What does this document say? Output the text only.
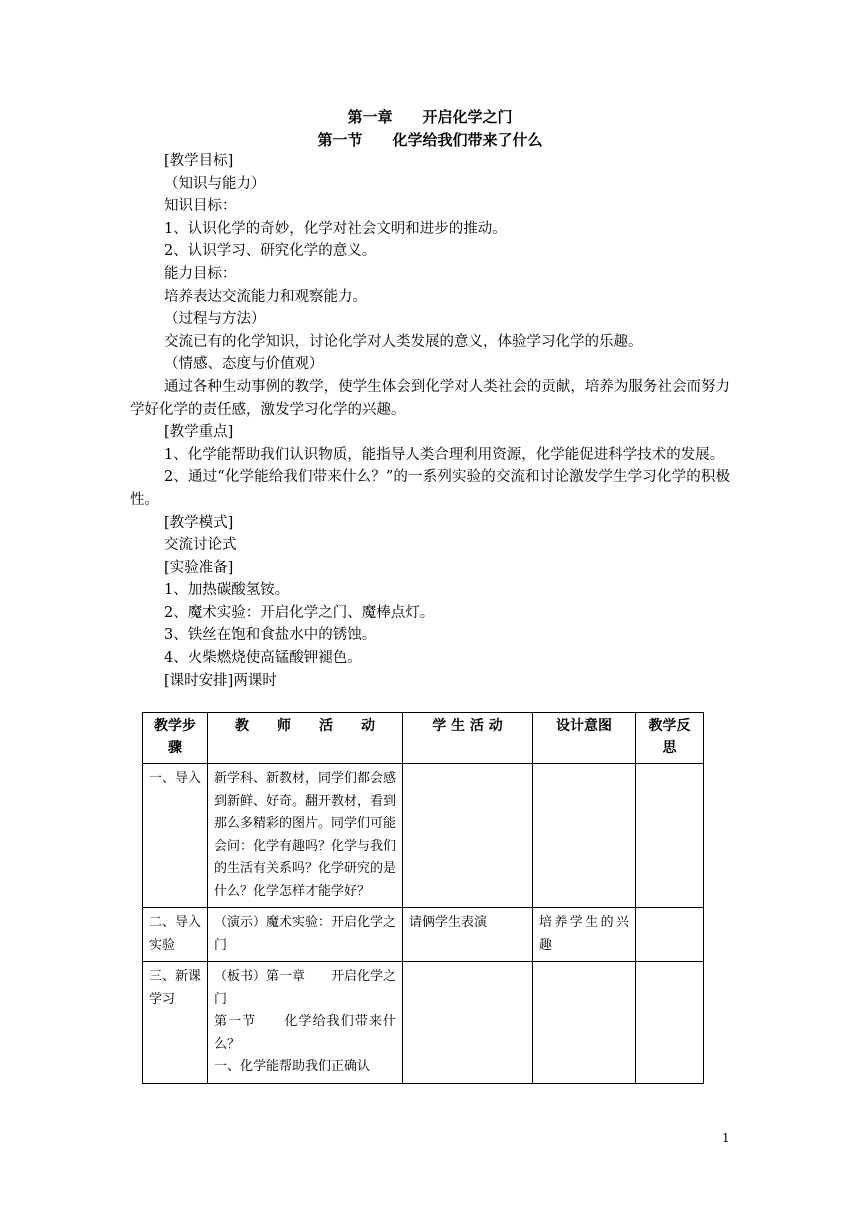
第一章　　开启化学之门
第一节　　化学给我们带来了什么

[教学目标]

（知识与能力）

知识目标：

1、认识化学的奇妙，化学对社会文明和进步的推动。

2、认识学习、研究化学的意义。

能力目标：

培养表达交流能力和观察能力。

（过程与方法）

交流已有的化学知识，讨论化学对人类发展的意义，体验学习化学的乐趣。

（情感、态度与价值观）

通过各种生动事例的教学，使学生体会到化学对人类社会的贡献，培养为服务社会而努力学好化学的责任感，激发学习化学的兴趣。

[教学重点]

1、化学能帮助我们认识物质，能指导人类合理利用资源，化学能促进科学技术的发展。

2、通过“化学能给我们带来什么？”的一系列实验的交流和讨论激发学生学习化学的积极性。

[教学模式]

交流讨论式

[实验准备]

1、加热碳酸氢铵。

2、魔术实验：开启化学之门、魔棒点灯。

3、铁丝在饱和食盐水中的锈蚀。

4、火柴燃烧使高锰酸钾褪色。

[课时安排]两课时

教学步 骤	教　　师　　活　　动	学 生 活 动	设计意图	教学反 思
一、导入	新学科、新教材，同学们都会感到新鲜、好奇。翻开教材，看到那么多精彩的图片。同学们可能会问：化学有趣吗？化学与我们的生活有关系吗？化学研究的是什么？化学怎样才能学好？			
二、导入实验	（演示）魔术实验：开启化学之门	请俩学生表演	培养学生的兴趣	
三、新课学习	（板书）第一章　　开启化学之门
第一节　　化学给我们带来什么？
一、化学能帮助我们正确认			

1
